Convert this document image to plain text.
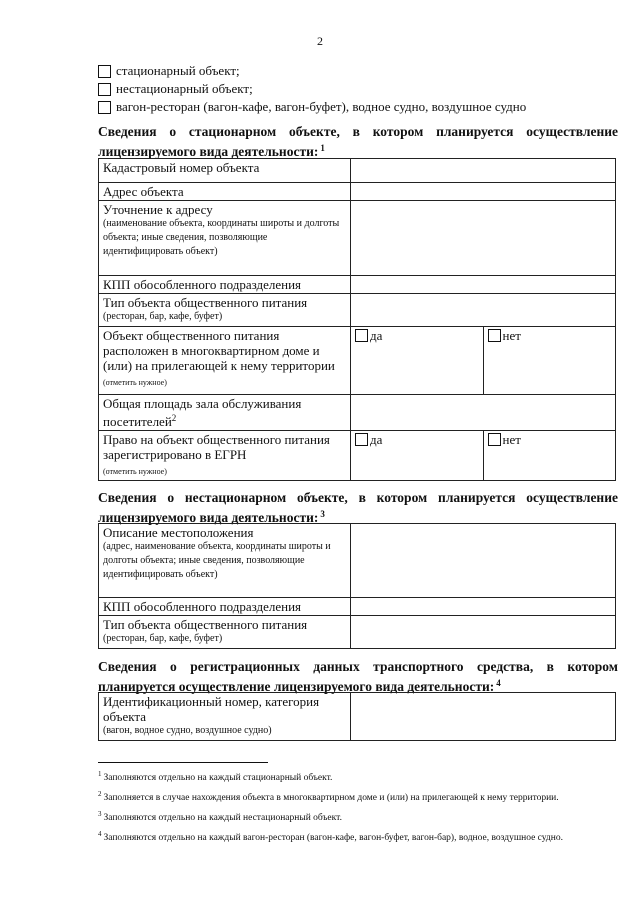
2
стационарный объект;
нестационарный объект;
вагон-ресторан (вагон-кафе, вагон-буфет), водное судно, воздушное судно
Сведения о стационарном объекте, в котором планируется осуществление лицензируемого вида деятельности: $^1$
Кадастровый номер объекта		
Адрес объекта		
Уточнение к адресу
(наименование объекта, координаты широты и долготы объекта; иные сведения, позволяющие идентифицировать объект)		

КПП обособленного подразделения		
Тип объекта общественного питания
(ресторан, бар, кафе, буфет)		

Объект общественного питания расположен в многоквартирном доме и (или) на прилегающей к нему территории (отметить нужное)	да	нет

Общая площадь зала обслуживания посетителей$^2$	
Право на объект общественного питания зарегистрировано в ЕГРН
(отметить нужное)	да	нет
Сведения о нестационарном объекте, в котором планируется осуществление лицензируемого вида деятельности: $^3$
Описание местоположения
(адрес, наименование объекта, координаты широты и долготы объекта; иные сведения, позволяющие идентифицировать объект)	

КПП обособленного подразделения	
Тип объекта общественного питания
(ресторан, бар, кафе, буфет)	

Сведения о регистрационных данных транспортного средства, в котором планируется осуществление лицензируемого вида деятельности: $^4$
Идентификационный номер, категория объекта
(вагон, водное судно, воздушное судно)

$^1$ Заполняются отдельно на каждый стационарный объект.

$^2$ Заполняется в случае нахождения объекта в многоквартирном доме и (или) на прилегающей к нему территории.

$^3$ Заполняются отдельно на каждый нестационарный объект.

$^4$ Заполняются отдельно на каждый вагон-ресторан (вагон-кафе, вагон-буфет, вагон-бар), водное, воздушное судно.
